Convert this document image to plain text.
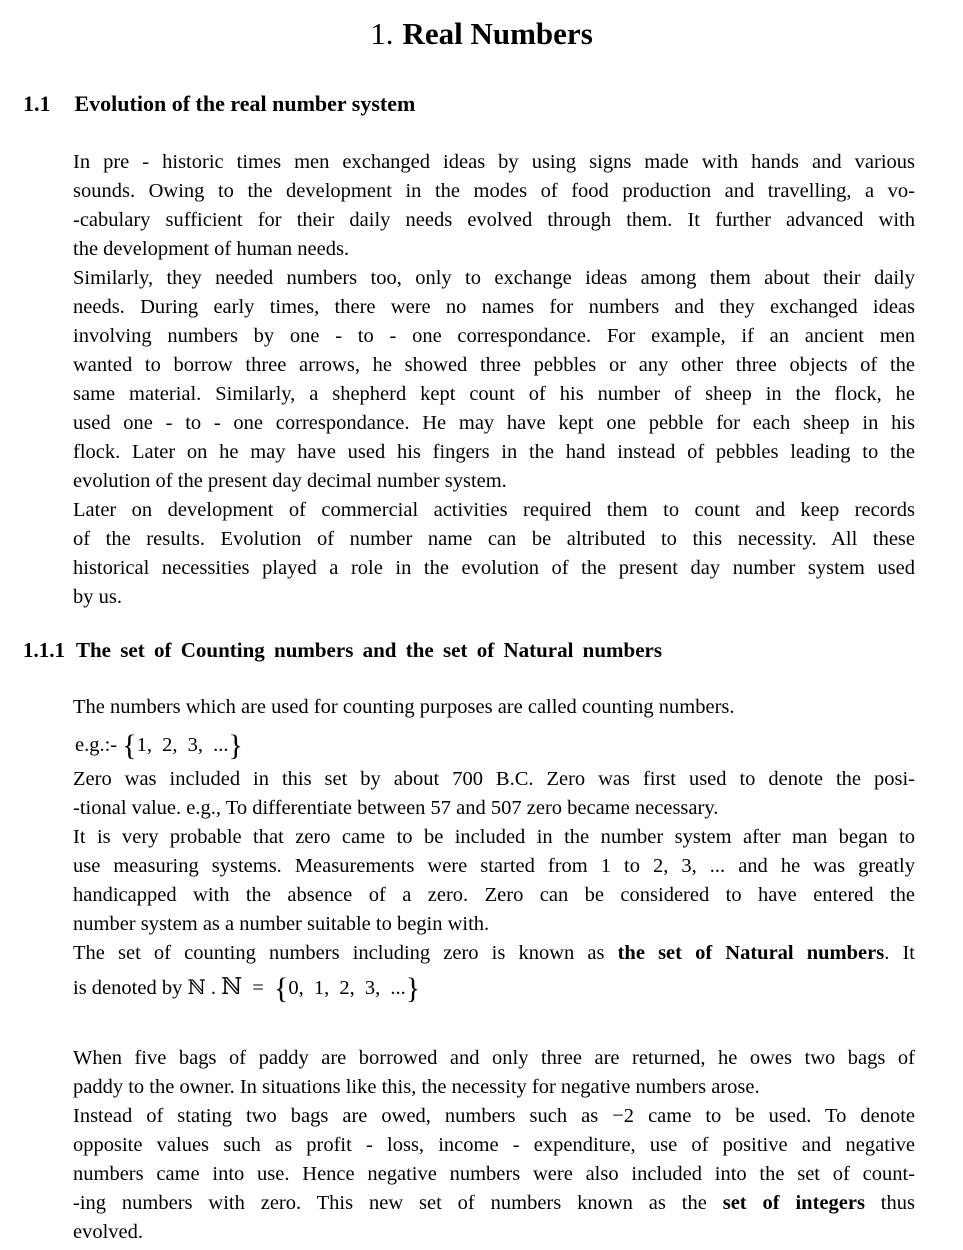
1. Real Numbers
1.1 Evolution of the real number system
In pre - historic times men exchanged ideas by using signs made with hands and various
sounds. Owing to the development in the modes of food production and travelling, a vo-
-cabulary sufficient for their daily needs evolved through them. It further advanced with
the development of human needs.
Similarly, they needed numbers too, only to exchange ideas among them about their daily
needs. During early times, there were no names for numbers and they exchanged ideas
involving numbers by one - to - one correspondance. For example, if an ancient men
wanted to borrow three arrows, he showed three pebbles or any other three objects of the
same material. Similarly, a shepherd kept count of his number of sheep in the flock, he
used one - to - one correspondance. He may have kept one pebble for each sheep in his
flock. Later on he may have used his fingers in the hand instead of pebbles leading to the
evolution of the present day decimal number system.
Later on development of commercial activities required them to count and keep records
of the results. Evolution of number name can be altributed to this necessity. All these
historical necessities played a role in the evolution of the present day number system used
by us.
1.1.1 The set of Counting numbers and the set of Natural numbers
The numbers which are used for counting purposes are called counting numbers.
e.g.:- {1, 2, 3, ...}
Zero was included in this set by about 700 B.C. Zero was first used to denote the posi-
-tional value. e.g., To differentiate between 57 and 507 zero became necessary.
It is very probable that zero came to be included in the number system after man began to
use measuring systems. Measurements were started from 1 to 2, 3, ... and he was greatly
handicapped with the absence of a zero. Zero can be considered to have entered the
number system as a number suitable to begin with.
The set of counting numbers including zero is known as the set of Natural numbers. It
is denoted by ℕ . ℕ = {0, 1, 2, 3, ...}
When five bags of paddy are borrowed and only three are returned, he owes two bags of
paddy to the owner. In situations like this, the necessity for negative numbers arose.
Instead of stating two bags are owed, numbers such as −2 came to be used. To denote
opposite values such as profit - loss, income - expenditure, use of positive and negative
numbers came into use. Hence negative numbers were also included into the set of count-
-ing numbers with zero. This new set of numbers known as the set of integers thus
evolved.
